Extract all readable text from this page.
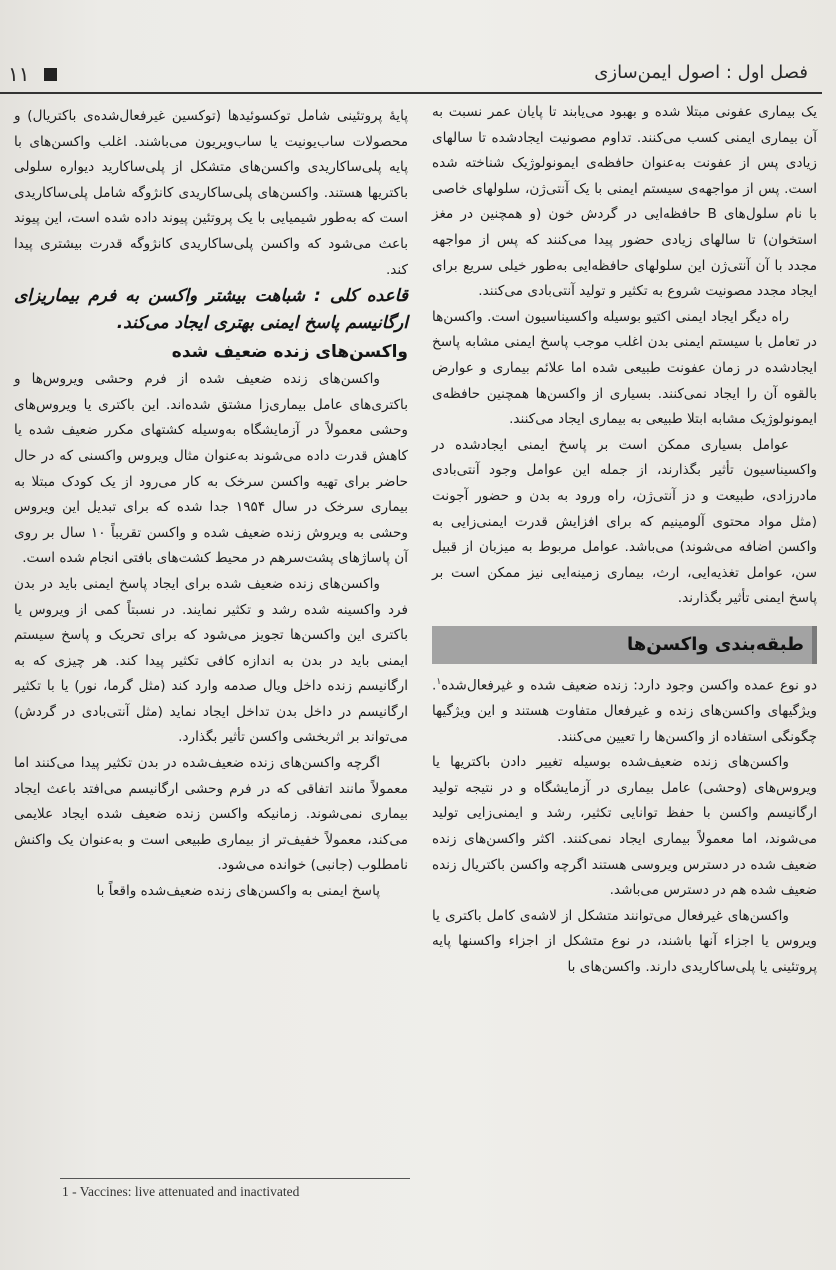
فصل اول : اصول ایمن‌سازی
۱۱

یک بیماری عفونی مبتلا شده و بهبود می‌یابند تا پایان عمر نسبت به آن بیماری ایمنی کسب می‌کنند. تداوم مصونیت ایجادشده تا سالهای زیادی پس از عفونت به‌عنوان حافظه‌ی ایمونولوژیک شناخته شده است. پس از مواجهه‌ی سیستم ایمنی با یک آنتی‌ژن، سلولهای خاصی با نام سلول‌های B حافظه‌ایی در گردش خون (و همچنین در مغز استخوان) تا سالهای زیادی حضور پیدا می‌کنند که پس از مواجهه مجدد با آن آنتی‌ژن این سلولهای حافظه‌ایی به‌طور خیلی سریع برای ایجاد مجدد مصونیت شروع به تکثیر و تولید آنتی‌بادی می‌کنند.

راه دیگر ایجاد ایمنی اکتیو بوسیله واکسیناسیون است. واکسن‌ها در تعامل با سیستم ایمنی بدن اغلب موجب پاسخ ایمنی مشابه پاسخ ایجادشده در زمان عفونت طبیعی شده اما علائم بیماری و عوارض بالقوه آن را ایجاد نمی‌کنند. بسیاری از واکسن‌ها همچنین حافظه‌ی ایمونولوژیک مشابه ابتلا طبیعی به بیماری ایجاد می‌کنند.

عوامل بسیاری ممکن است بر پاسخ ایمنی ایجادشده در واکسیناسیون تأثیر بگذارند، از جمله این عوامل وجود آنتی‌بادی مادرزادی، طبیعت و دز آنتی‌ژن، راه ورود به بدن و حضور آجونت (مثل مواد محتوی آلومینیم که برای افزایش قدرت ایمنی‌زایی به واکسن اضافه می‌شوند) می‌باشد. عوامل مربوط به میزبان از قبیل سن، عوامل تغذیه‌ایی، ارث، بیماری زمینه‌ایی نیز ممکن است بر پاسخ ایمنی تأثیر بگذارند.

طبقه‌بندی واکسن‌ها

دو نوع عمده واکسن وجود دارد: زنده ضعیف شده و غیرفعال‌شده$^۱$. ویژگیهای واکسن‌های زنده و غیرفعال متفاوت هستند و این ویژگیها چگونگی استفاده از واکسن‌ها را تعیین می‌کنند.

واکسن‌های زنده ضعیف‌شده بوسیله تغییر دادن باکتریها یا ویروس‌های (وحشی) عامل بیماری در آزمایشگاه و در نتیجه تولید ارگانیسم واکسن با حفظ توانایی تکثیر، رشد و ایمنی‌زایی تولید می‌شوند، اما معمولاً بیماری ایجاد نمی‌کنند. اکثر واکسن‌های زنده ضعیف شده در دسترس ویروسی هستند اگرچه واکسن باکتریال زنده ضعیف شده هم در دسترس می‌باشد.

واکسن‌های غیرفعال می‌توانند متشکل از لاشه‌ی کامل باکتری یا ویروس یا اجزاء آنها باشند، در نوع متشکل از اجزاء واکسنها پایه پروتئینی یا پلی‌ساکاریدی دارند. واکسن‌های با

پایهٔ پروتئینی شامل توکسوئیدها (توکسین غیرفعال‌شده‌ی باکتریال) و محصولات ساب‌یونیت یا ساب‌ویریون می‌باشند. اغلب واکسن‌های با پایه پلی‌ساکاریدی واکسن‌های متشکل از پلی‌ساکارید دیواره سلولی باکتریها هستند. واکسن‌های پلی‌ساکاریدی کانژوگه شامل پلی‌ساکاریدی است که به‌طور شیمیایی با یک پروتئین پیوند داده شده است، این پیوند باعث می‌شود که واکسن پلی‌ساکاریدی کانژوگه قدرت بیشتری پیدا کند.

قاعده کلی : شباهت بیشتر واکسن به فرم بیماریزای ارگانیسم پاسخ ایمنی بهتری ایجاد می‌کند.

واکسن‌های زنده ضعیف شده

واکسن‌های زنده ضعیف شده از فرم وحشی ویروس‌ها و باکتری‌های عامل بیماری‌زا مشتق شده‌اند. این باکتری یا ویروس‌های وحشی معمولاً در آزمایشگاه به‌وسیله کشتهای مکرر ضعیف شده یا کاهش قدرت داده می‌شوند به‌عنوان مثال ویروس واکسنی که در حال حاضر برای تهیه واکسن سرخک به کار می‌رود از یک کودک مبتلا به بیماری سرخک در سال ۱۹۵۴ جدا شده که برای تبدیل این ویروس وحشی به ویروش زنده ضعیف شده و واکسن تقریباً ۱۰ سال بر روی آن پاساژهای پشت‌سرهم در محیط کشت‌های بافتی انجام شده است.

واکسن‌های زنده ضعیف شده برای ایجاد پاسخ ایمنی باید در بدن فرد واکسینه شده رشد و تکثیر نمایند. در نسبتاً کمی از ویروس یا باکتری این واکسن‌ها تجویز می‌شود که برای تحریک و پاسخ سیستم ایمنی باید در بدن به اندازه کافی تکثیر پیدا کند. هر چیزی که به ارگانیسم زنده داخل ویال صدمه وارد کند (مثل گرما، نور) یا با تکثیر ارگانیسم در داخل بدن تداخل ایجاد نماید (مثل آنتی‌بادی در گردش) می‌تواند بر اثربخشی واکسن تأثیر بگذارد.

اگرچه واکسن‌های زنده ضعیف‌شده در بدن تکثیر پیدا می‌کنند اما معمولاً مانند اتفاقی که در فرم وحشی ارگانیسم می‌افتد باعث ایجاد بیماری نمی‌شوند. زمانیکه واکسن زنده ضعیف شده ایجاد علایمی می‌کند، معمولاً خفیف‌تر از بیماری طبیعی است و به‌عنوان یک واکنش نامطلوب (جانبی) خوانده می‌شود.

پاسخ ایمنی به واکسن‌های زنده ضعیف‌شده واقعاً با

1 - Vaccines: live attenuated and inactivated
